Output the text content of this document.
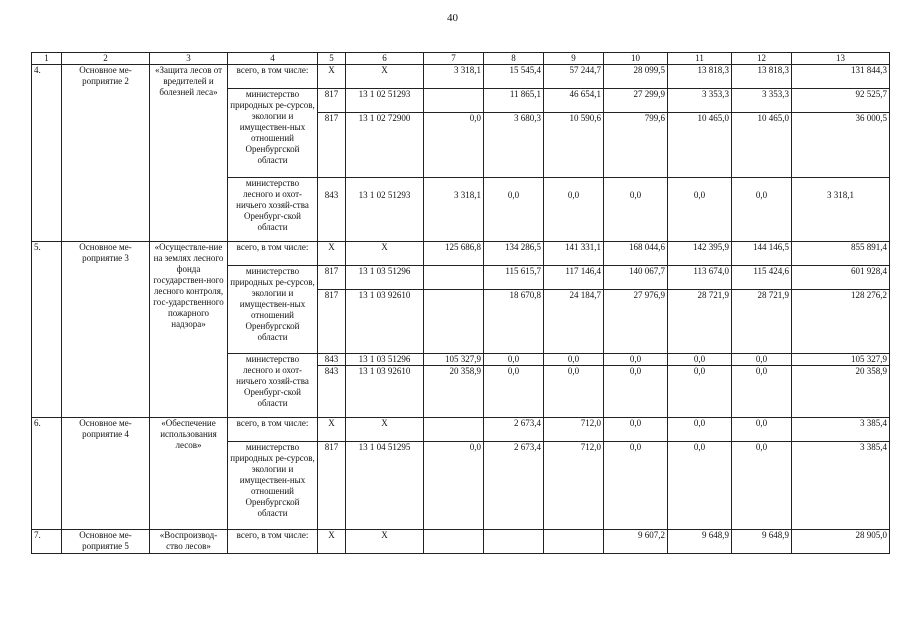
40
1	2	3	4	5	6	7	8	9	10	11	12	13
4.	Основное ме-роприятие 2	«Защита лесов от вредителей и болезней леса»	всего, в том числе:	Х	Х	3 318,1	15 545,4	57 244,7	28 099,5	13 818,3	13 818,3	131 844,3
			министерство природных ре-сурсов, экологии и имуществен-ных отношений Оренбургской области	817	13 1 02 51293		11 865,1	46 654,1	27 299,9	3 353,3	3 353,3	92 525,7
				817	13 1 02 72900	0,0	3 680,3	10 590,6	799,6	10 465,0	10 465,0	36 000,5
			министерство лесного и охот-ничьего хозяй-ства Оренбург-ской области	843	13 1 02 51293	3 318,1	0,0	0,0	0,0	0,0	0,0	3 318,1
5.	Основное ме-роприятие 3	«Осуществле-ние на землях лесного фонда государствен-ного лесного контроля, гос-ударственного пожарного надзора»	всего, в том числе:	Х	Х	125 686,8	134 286,5	141 331,1	168 044,6	142 395,9	144 146,5	855 891,4
			министерство природных ре-сурсов, экологии и имуществен-ных отношений Оренбургской области	817	13 1 03 51296		115 615,7	117 146,4	140 067,7	113 674,0	115 424,6	601 928,4
				817	13 1 03 92610		18 670,8	24 184,7	27 976,9	28 721,9	28 721,9	128 276,2
			министерство лесного и охот-ничьего хозяй-ства Оренбург-ской области	843	13 1 03 51296	105 327,9	0,0	0,0	0,0	0,0	0,0	105 327,9
				843	13 1 03 92610	20 358,9	0,0	0,0	0,0	0,0	0,0	20 358,9
6.	Основное ме-роприятие 4	«Обеспечение использования лесов»	всего, в том числе:	Х	Х		2 673,4	712,0	0,0	0,0	0,0	3 385,4
			министерство природных ре-сурсов, экологии и имуществен-ных отношений Оренбургской области	817	13 1 04 51295	0,0	2 673,4	712,0	0,0	0,0	0,0	3 385,4
7.	Основное ме-роприятие 5	«Воспроизвод-ство лесов»	всего, в том числе:	Х	Х				9 607,2	9 648,9	9 648,9	28 905,0
